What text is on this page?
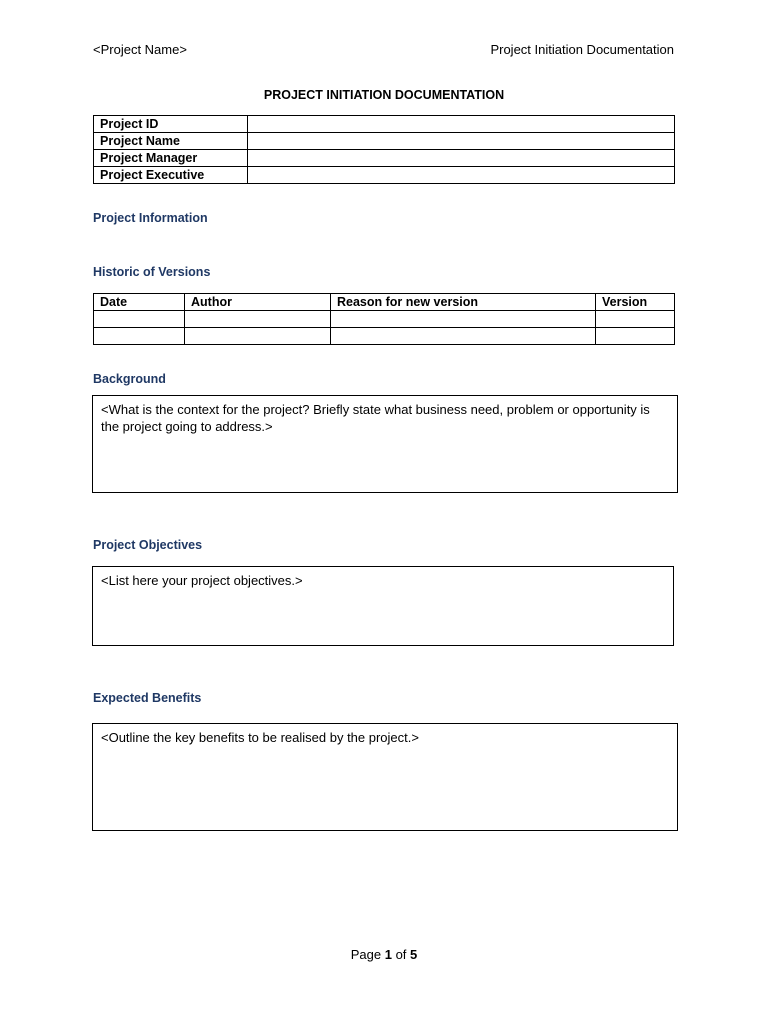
<Project Name>	Project Initiation Documentation
PROJECT INITIATION DOCUMENTATION
Project ID	
Project Name	
Project Manager	
Project Executive	
Project Information
Historic of Versions
Date	Author	Reason for new version	Version

Background
<What is the context for the project? Briefly state what business need, problem or opportunity is the project going to address.>
Project Objectives
<List here your project objectives.>
Expected Benefits
<Outline the key benefits to be realised by the project.>
Page 1 of 5
